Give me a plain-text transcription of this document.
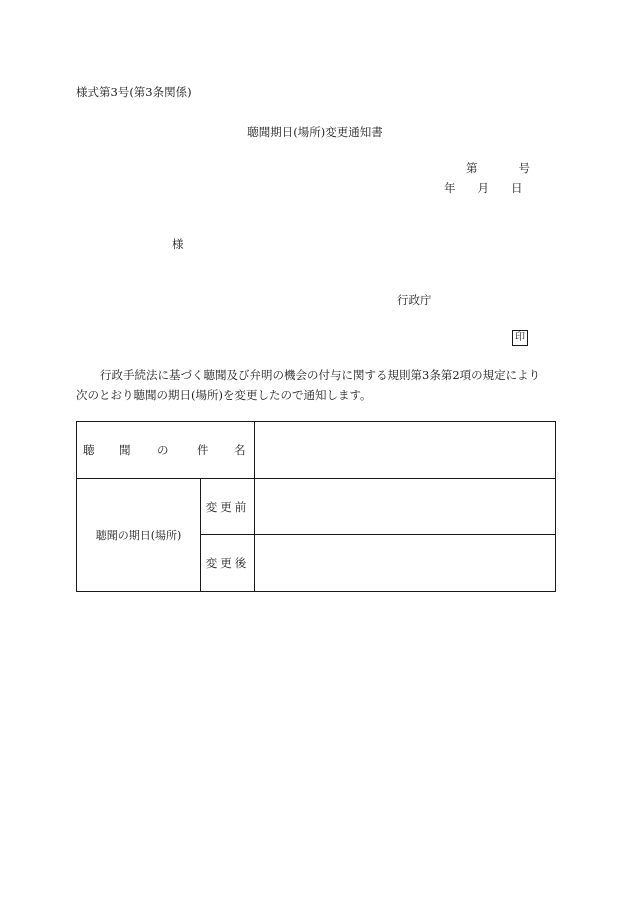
様式第3号(第3条関係)
聴聞期日(場所)変更通知書
第	号
年 月 日
様
行政庁
印
行政手続法に基づく聴聞及び弁明の機会の付与に関する規則第3条第2項の規定により
次のとおり聴聞の期日(場所)を変更したので通知します。
聴 聞 の 件 名		
聴聞の期日(場所)	変更前	
	変更後	
